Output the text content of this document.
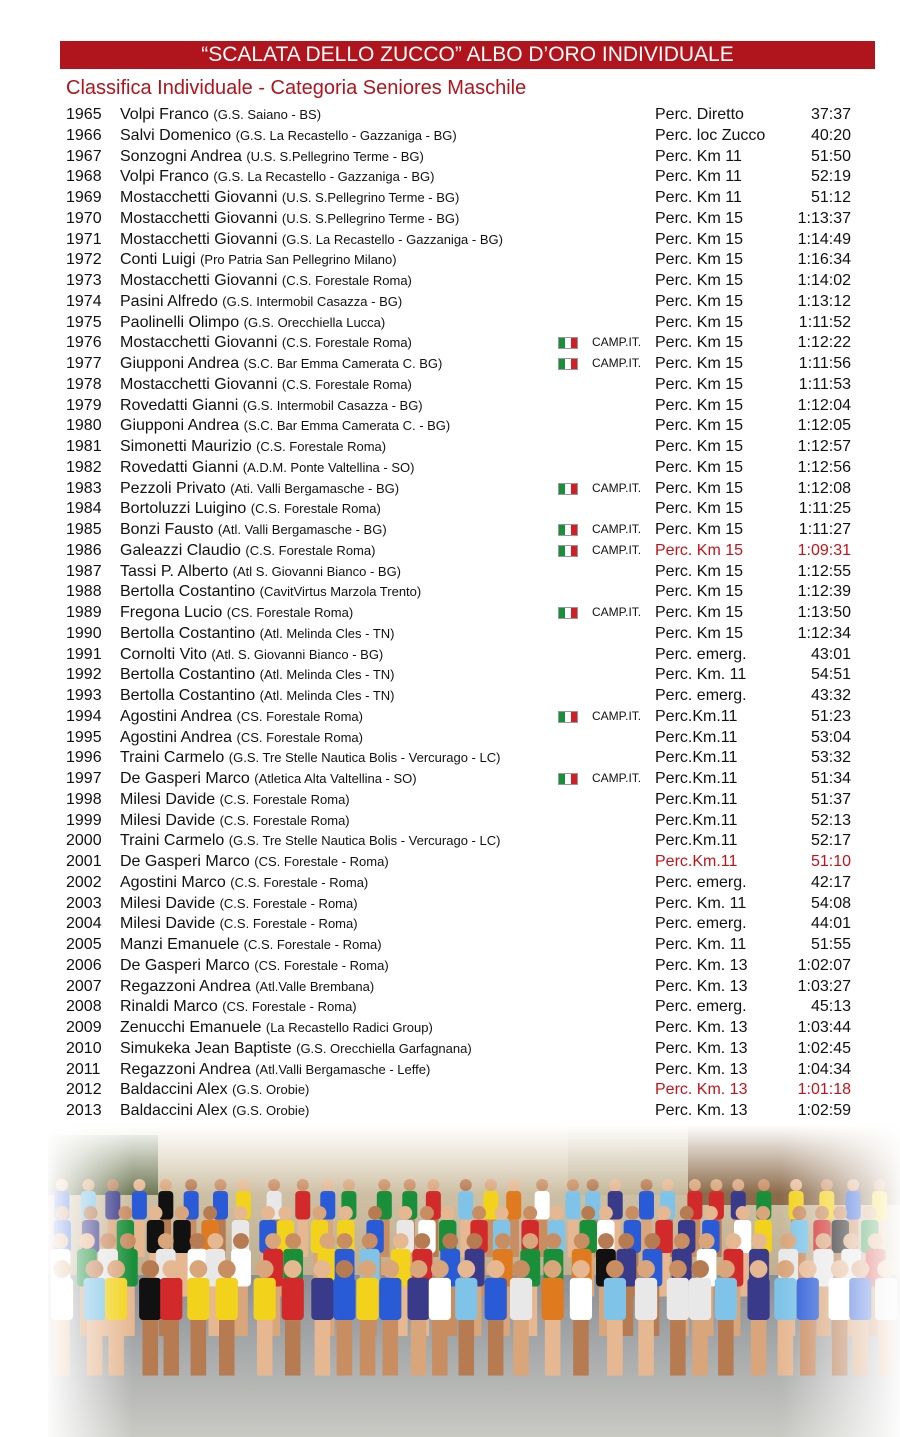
“SCALATA DELLO ZUCCO” ALBO D’ORO INDIVIDUALE
Classifica Individuale - Categoria Seniores Maschile
1965 Volpi Franco (G.S. Saiano - BS)	Perc. Diretto	37:37
1966 Salvi Domenico (G.S. La Recastello - Gazzaniga - BG)	Perc. loc Zucco	40:20
1967 Sonzogni Andrea (U.S. S.Pellegrino Terme - BG)	Perc. Km 11	51:50
1968 Volpi Franco (G.S. La Recastello - Gazzaniga - BG)	Perc. Km 11	52:19
1969 Mostacchetti Giovanni (U.S. S.Pellegrino Terme - BG)	Perc. Km 11	51:12
1970 Mostacchetti Giovanni (U.S. S.Pellegrino Terme - BG)	Perc. Km 15	1:13:37
1971 Mostacchetti Giovanni (G.S. La Recastello - Gazzaniga - BG)	Perc. Km 15	1:14:49
1972 Conti Luigi (Pro Patria San Pellegrino Milano)	Perc. Km 15	1:16:34
1973 Mostacchetti Giovanni (C.S. Forestale Roma)	Perc. Km 15	1:14:02
1974 Pasini Alfredo (G.S. Intermobil Casazza - BG)	Perc. Km 15	1:13:12
1975 Paolinelli Olimpo (G.S. Orecchiella Lucca)	Perc. Km 15	1:11:52
1976 Mostacchetti Giovanni (C.S. Forestale Roma)	CAMP.IT. Perc. Km 15	1:12:22
1977 Giupponi Andrea (S.C. Bar Emma Camerata C. BG)	CAMP.IT. Perc. Km 15	1:11:56
1978 Mostacchetti Giovanni (C.S. Forestale Roma)	Perc. Km 15	1:11:53
1979 Rovedatti Gianni (G.S. Intermobil Casazza - BG)	Perc. Km 15	1:12:04
1980 Giupponi Andrea (S.C. Bar Emma Camerata C. - BG)	Perc. Km 15	1:12:05
1981 Simonetti Maurizio (C.S. Forestale Roma)	Perc. Km 15	1:12:57
1982 Rovedatti Gianni (A.D.M. Ponte Valtellina - SO)	Perc. Km 15	1:12:56
1983 Pezzoli Privato (Ati. Valli Bergamasche - BG)	CAMP.IT. Perc. Km 15	1:12:08
1984 Bortoluzzi Luigino (C.S. Forestale Roma)	Perc. Km 15	1:11:25
1985 Bonzi Fausto (Atl. Valli Bergamasche - BG)	CAMP.IT. Perc. Km 15	1:11:27
1986 Galeazzi Claudio (C.S. Forestale Roma)	CAMP.IT. Perc. Km 15	1:09:31
1987 Tassi P. Alberto (Atl S. Giovanni Bianco - BG)	Perc. Km 15	1:12:55
1988 Bertolla Costantino (CavitVirtus Marzola Trento)	Perc. Km 15	1:12:39
1989 Fregona Lucio (CS. Forestale Roma)	CAMP.IT. Perc. Km 15	1:13:50
1990 Bertolla Costantino (Atl. Melinda Cles - TN)	Perc. Km 15	1:12:34
1991 Cornolti Vito (Atl. S. Giovanni Bianco - BG)	Perc. emerg.	43:01
1992 Bertolla Costantino (Atl. Melinda Cles - TN)	Perc. Km. 11	54:51
1993 Bertolla Costantino (Atl. Melinda Cles - TN)	Perc. emerg.	43:32
1994 Agostini Andrea (CS. Forestale Roma)	CAMP.IT. Perc.Km.11	51:23
1995 Agostini Andrea (CS. Forestale Roma)	Perc.Km.11	53:04
1996 Traini Carmelo (G.S. Tre Stelle Nautica Bolis - Vercurago - LC)	Perc.Km.11	53:32
1997 De Gasperi Marco (Atletica Alta Valtellina - SO)	CAMP.IT. Perc.Km.11	51:34
1998 Milesi Davide (C.S. Forestale Roma)	Perc.Km.11	51:37
1999 Milesi Davide (C.S. Forestale Roma)	Perc.Km.11	52:13
2000 Traini Carmelo (G.S. Tre Stelle Nautica Bolis - Vercurago - LC)	Perc.Km.11	52:17
2001 De Gasperi Marco (CS. Forestale - Roma)	Perc.Km.11	51:10
2002 Agostini Marco (C.S. Forestale - Roma)	Perc. emerg.	42:17
2003 Milesi Davide (C.S. Forestale - Roma)	Perc. Km. 11	54:08
2004 Milesi Davide (C.S. Forestale - Roma)	Perc. emerg.	44:01
2005 Manzi Emanuele (C.S. Forestale - Roma)	Perc. Km. 11	51:55
2006 De Gasperi Marco (CS. Forestale - Roma)	Perc. Km. 13	1:02:07
2007 Regazzoni Andrea (Atl.Valle Brembana)	Perc. Km. 13	1:03:27
2008 Rinaldi Marco (CS. Forestale - Roma)	Perc. emerg.	45:13
2009 Zenucchi Emanuele (La Recastello Radici Group)	Perc. Km. 13	1:03:44
2010 Simukeka Jean Baptiste (G.S. Orecchiella Garfagnana)	Perc. Km. 13	1:02:45
2011 Regazzoni Andrea (Atl.Valli Bergamasche - Leffe)	Perc. Km. 13	1:04:34
2012 Baldaccini Alex (G.S. Orobie)	Perc. Km. 13	1:01:18
2013 Baldaccini Alex (G.S. Orobie)	Perc. Km. 13	1:02:59
